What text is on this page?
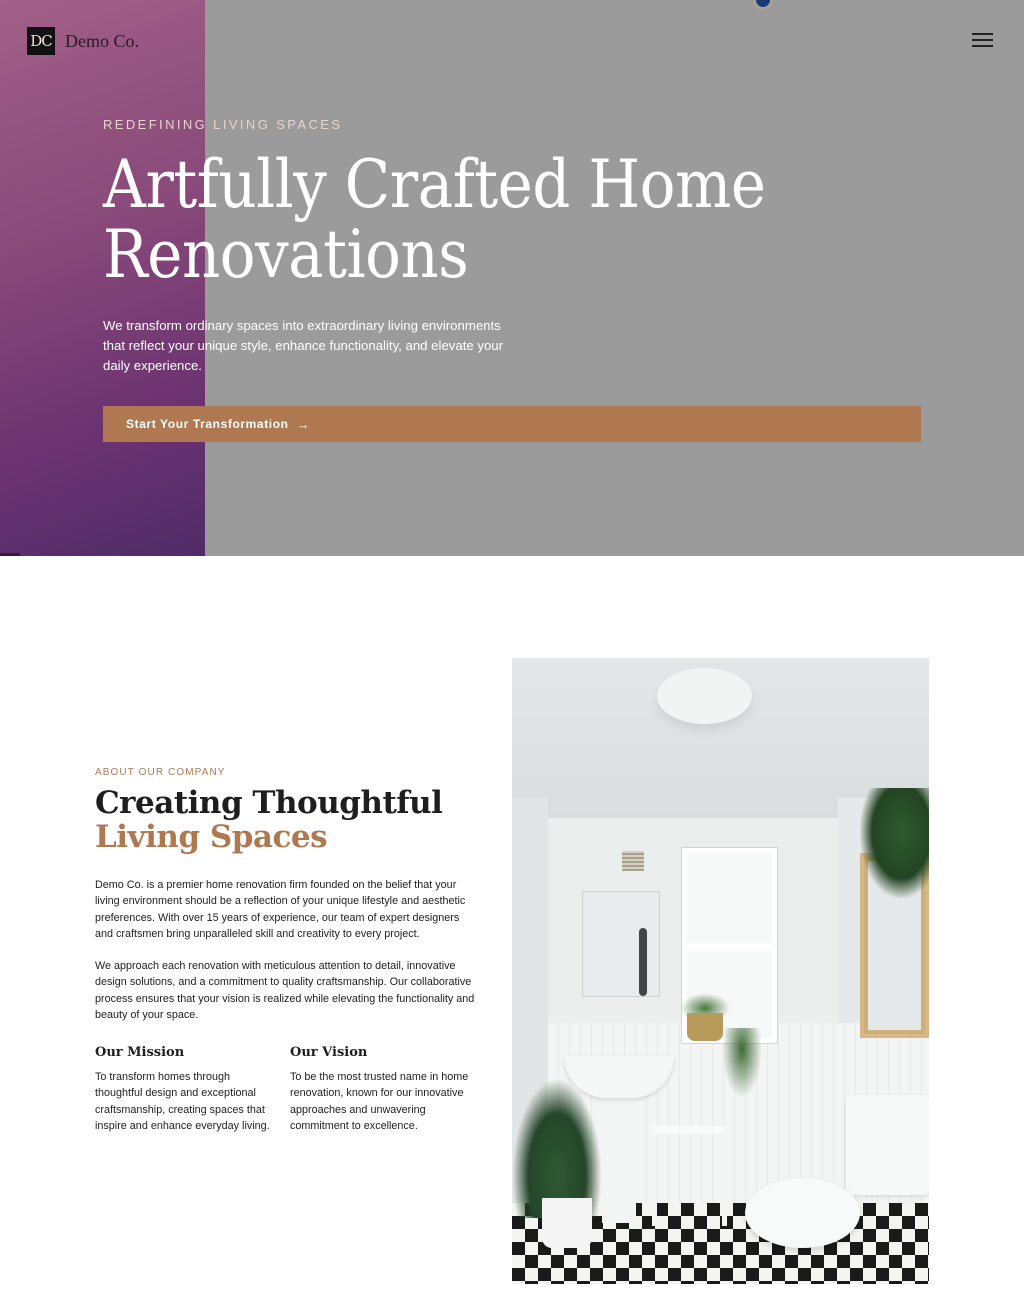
DC Demo Co.
REDEFINING LIVING SPACES
Artfully Crafted Home
Renovations

We transform ordinary spaces into extraordinary living environments that reflect your unique style, enhance functionality, and elevate your daily experience.

Start Your Transformation →
ABOUT OUR COMPANY
Creating Thoughtful
Living Spaces

Demo Co. is a premier home renovation firm founded on the belief that your living environment should be a reflection of your unique lifestyle and aesthetic preferences. With over 15 years of experience, our team of expert designers and craftsmen bring unparalleled skill and creativity to every project.

We approach each renovation with meticulous attention to detail, innovative design solutions, and a commitment to quality craftsmanship. Our collaborative process ensures that your vision is realized while elevating the functionality and beauty of your space.

Our Mission

To transform homes through thoughtful design and exceptional craftsmanship, creating spaces that inspire and enhance everyday living.

Our Vision

To be the most trusted name in home renovation, known for our innovative approaches and unwavering commitment to excellence.
